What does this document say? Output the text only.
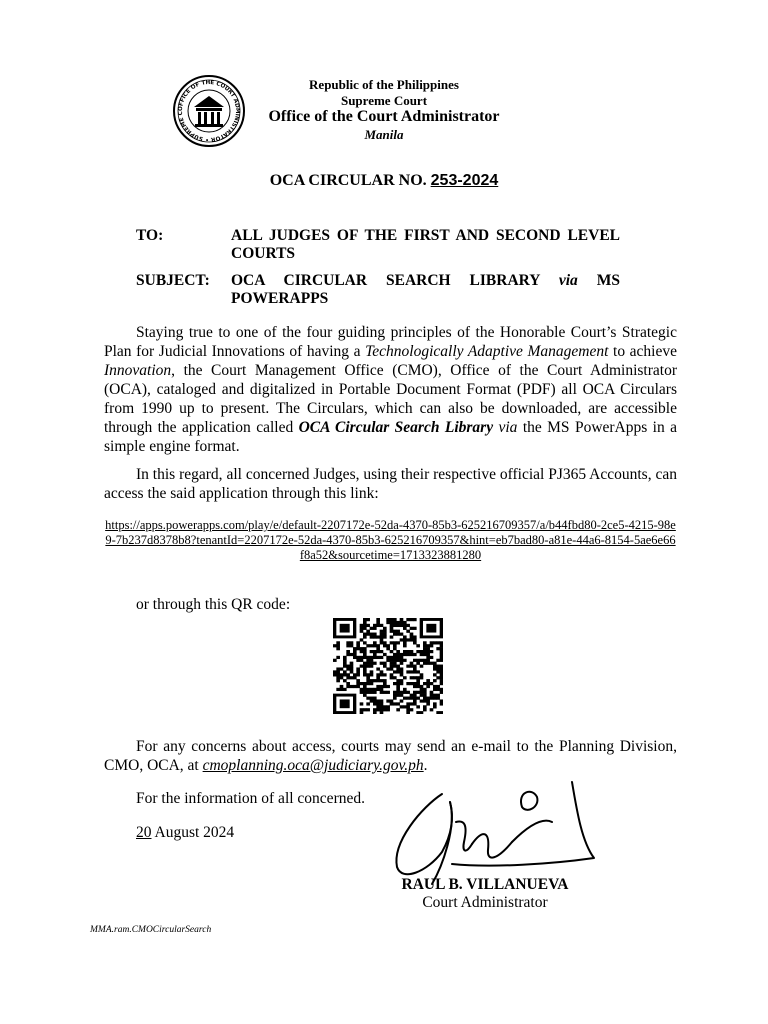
OFFICE OF THE COURT ADMINISTRATOR • SUPREME C
Republic of the Philippines
Supreme Court
Office of the Court Administrator
Manila
OCA CIRCULAR NO. 253-2024
TO:	ALL JUDGES OF THE FIRST AND SECOND LEVEL COURTS
SUBJECT: OCA CIRCULAR SEARCH LIBRARY via MS POWERAPPS

Staying true to one of the four guiding principles of the Honorable Court’s Strategic Plan for Judicial Innovations of having a Technologically Adaptive Management to achieve Innovation, the Court Management Office (CMO), Office of the Court Administrator (OCA), cataloged and digitalized in Portable Document Format (PDF) all OCA Circulars from 1990 up to present. The Circulars, which can also be downloaded, are accessible through the application called OCA Circular Search Library via the MS PowerApps in a simple engine format.

In this regard, all concerned Judges, using their respective official PJ365 Accounts, can access the said application through this link:

https://apps.powerapps.com/play/e/default-2207172e-52da-4370-85b3-625216709357/a/b44fbd80-2ce5-4215-98e9-7b237d8378b8?tenantId=2207172e-52da-4370-85b3-625216709357&hint=eb7bad80-a81e-44a6-8154-5ae6e66f8a52&sourcetime=1713323881280
or through this QR code:

For any concerns about access, courts may send an e-mail to the Planning Division, CMO, OCA, at cmoplanning.oca@judiciary.gov.ph.

For the information of all concerned.
20 August 2024
RAUL B. VILLANUEVA
Court Administrator
MMA.ram.CMOCircularSearch
